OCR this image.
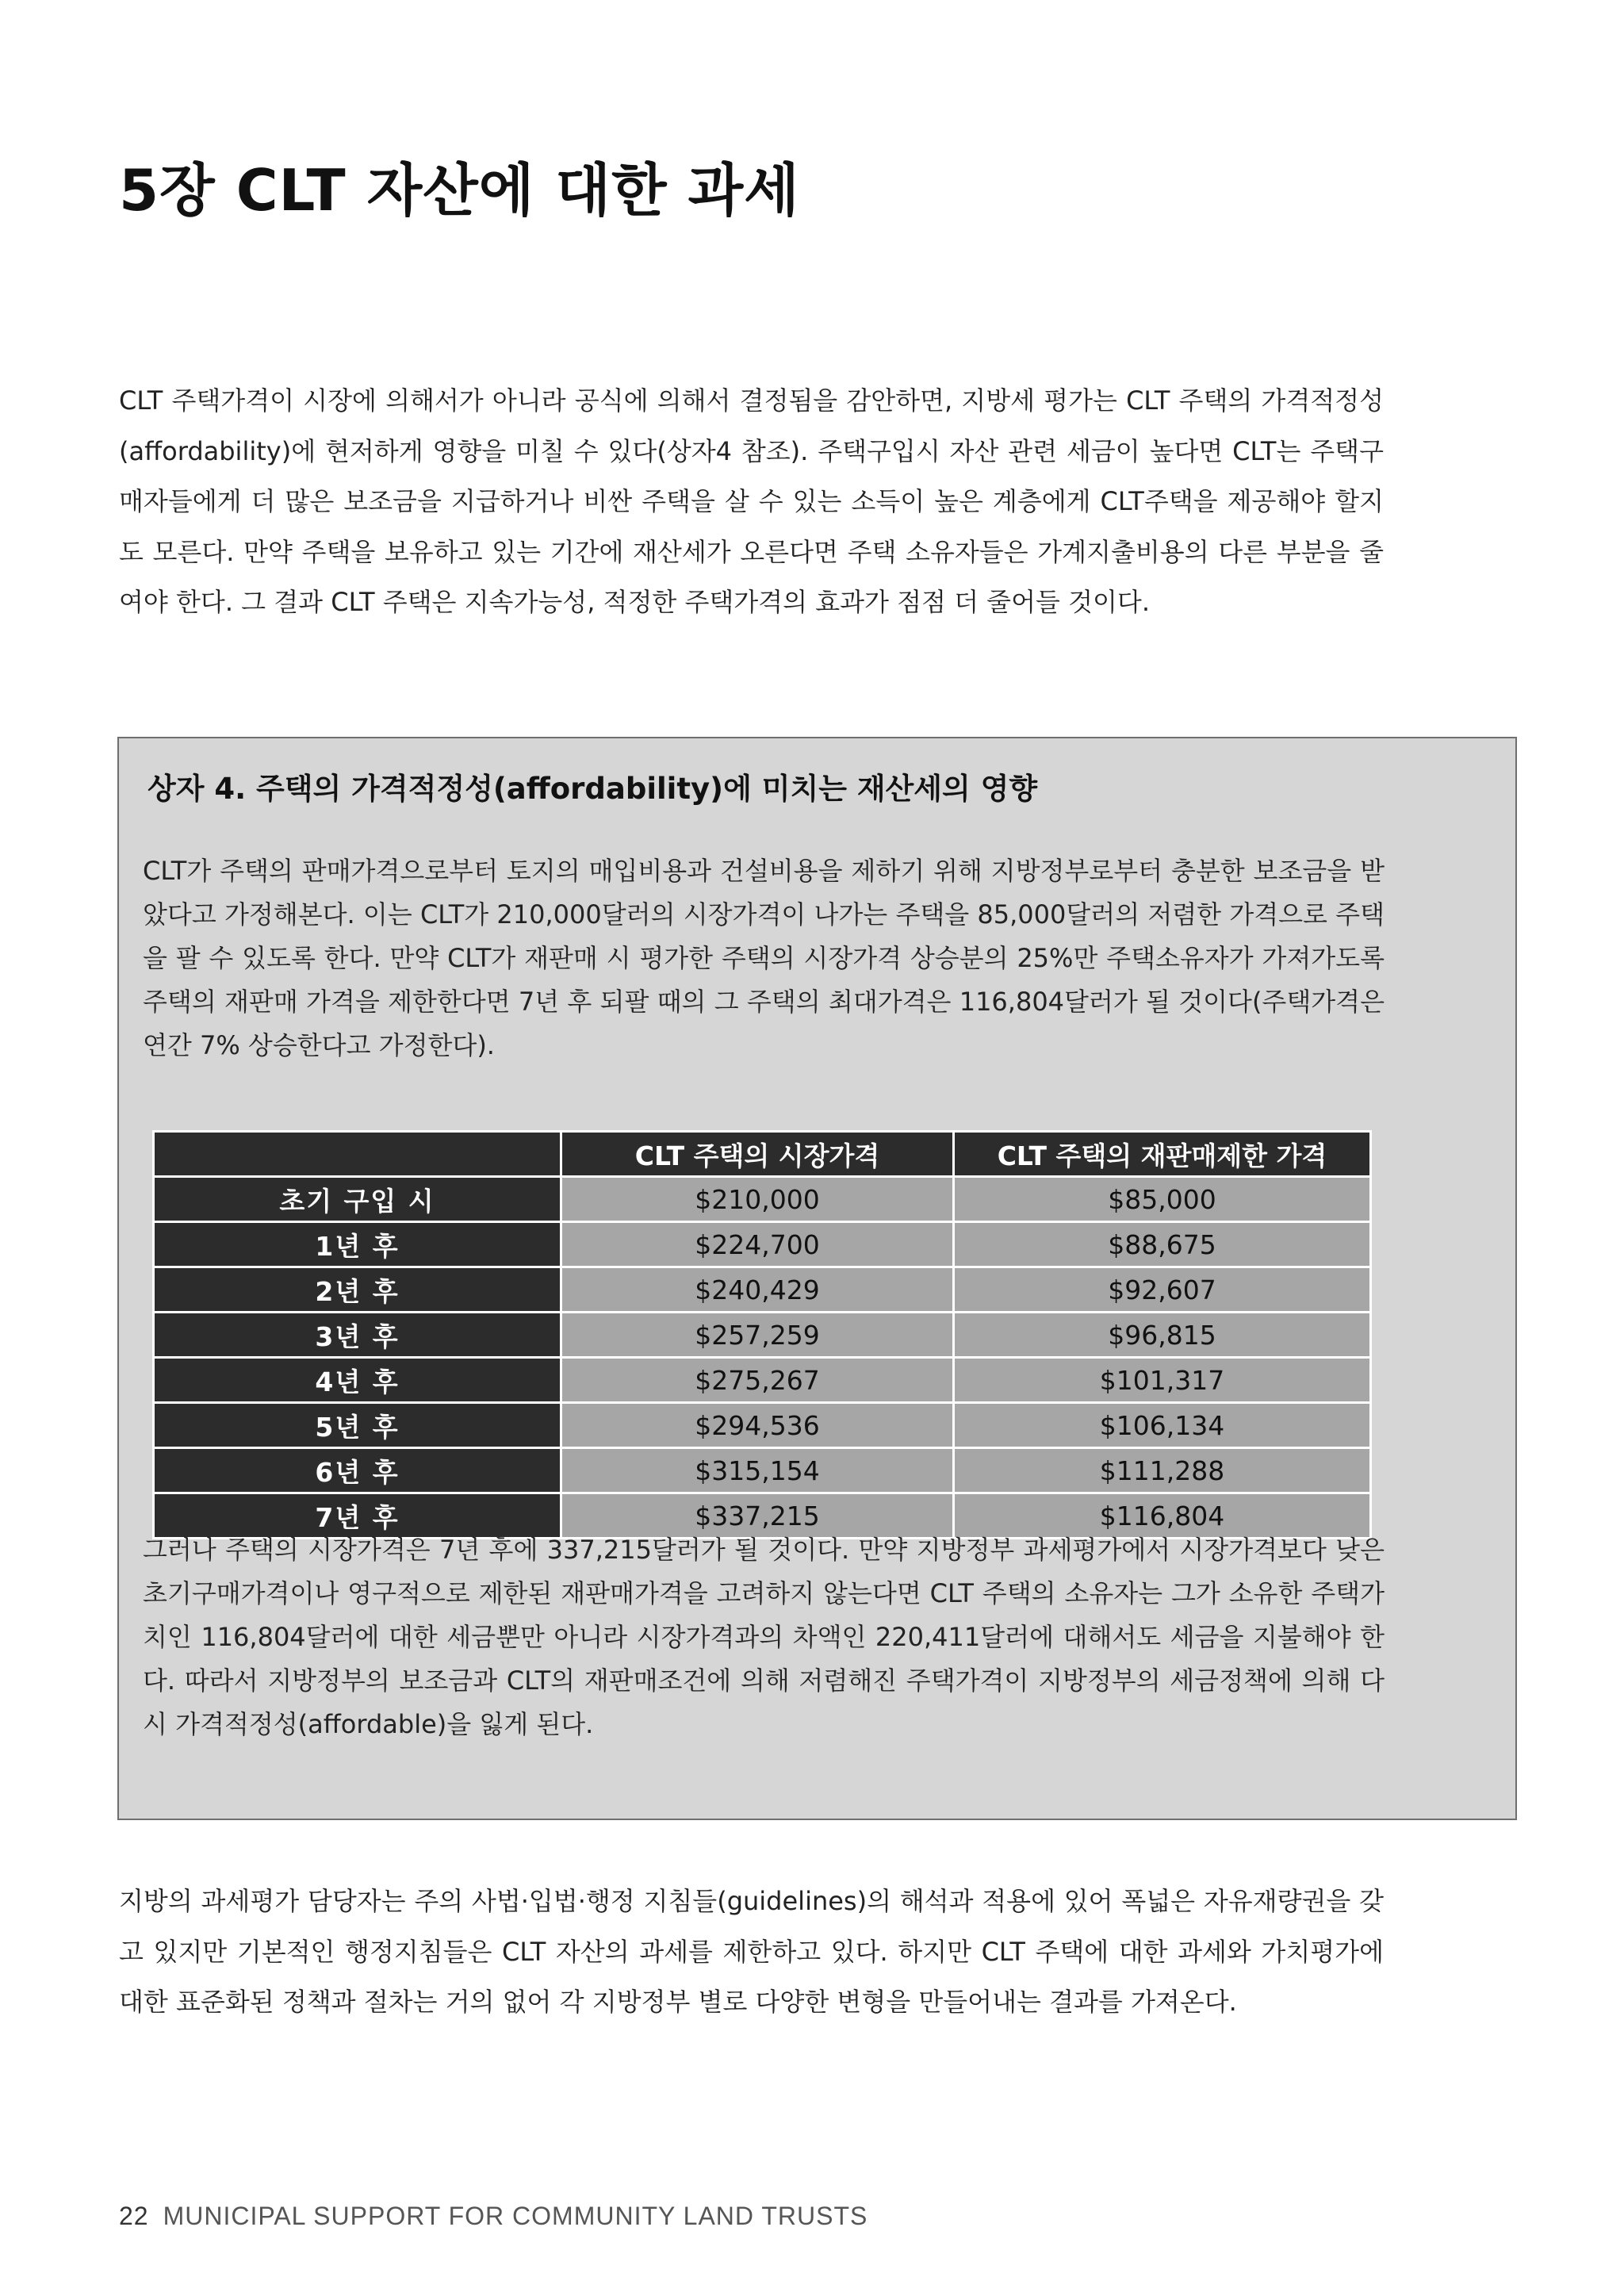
5장 CLT 자산에 대한 과세

CLT 주택가격이 시장에 의해서가 아니라 공식에 의해서 결정됨을 감안하면, 지방세 평가는 CLT 주택의 가격적정성(affordability)에 현저하게 영향을 미칠 수 있다(상자4 참조). 주택구입시 자산 관련 세금이 높다면 CLT는 주택구매자들에게 더 많은 보조금을 지급하거나 비싼 주택을 살 수 있는 소득이 높은 계층에게 CLT주택을 제공해야 할지도 모른다. 만약 주택을 보유하고 있는 기간에 재산세가 오른다면 주택 소유자들은 가계지출비용의 다른 부분을 줄여야 한다. 그 결과 CLT 주택은 지속가능성, 적정한 주택가격의 효과가 점점 더 줄어들 것이다.

상자 4. 주택의 가격적정성(affordability)에 미치는 재산세의 영향

CLT가 주택의 판매가격으로부터 토지의 매입비용과 건설비용을 제하기 위해 지방정부로부터 충분한 보조금을 받았다고 가정해본다. 이는 CLT가 210,000달러의 시장가격이 나가는 주택을 85,000달러의 저렴한 가격으로 주택을 팔 수 있도록 한다. 만약 CLT가 재판매 시 평가한 주택의 시장가격 상승분의 25%만 주택소유자가 가져가도록 주택의 재판매 가격을 제한한다면 7년 후 되팔 때의 그 주택의 최대가격은 116,804달러가 될 것이다(주택가격은 연간 7% 상승한다고 가정한다).

	CLT 주택의 시장가격	CLT 주택의 재판매제한 가격
초기 구입 시	$210,000	$85,000
1년 후	$224,700	$88,675
2년 후	$240,429	$92,607
3년 후	$257,259	$96,815
4년 후	$275,267	$101,317
5년 후	$294,536	$106,134
6년 후	$315,154	$111,288
7년 후	$337,215	$116,804

그러나 주택의 시장가격은 7년 후에 337,215달러가 될 것이다. 만약 지방정부 과세평가에서 시장가격보다 낮은 초기구매가격이나 영구적으로 제한된 재판매가격을 고려하지 않는다면 CLT 주택의 소유자는 그가 소유한 주택가치인 116,804달러에 대한 세금뿐만 아니라 시장가격과의 차액인 220,411달러에 대해서도 세금을 지불해야 한다. 따라서 지방정부의 보조금과 CLT의 재판매조건에 의해 저렴해진 주택가격이 지방정부의 세금정책에 의해 다시 가격적정성(affordable)을 잃게 된다.

지방의 과세평가 담당자는 주의 사법·입법·행정 지침들(guidelines)의 해석과 적용에 있어 폭넓은 자유재량권을 갖고 있지만 기본적인 행정지침들은 CLT 자산의 과세를 제한하고 있다. 하지만 CLT 주택에 대한 과세와 가치평가에 대한 표준화된 정책과 절차는 거의 없어 각 지방정부 별로 다양한 변형을 만들어내는 결과를 가져온다.

22 MUNICIPAL SUPPORT FOR COMMUNITY LAND TRUSTS
